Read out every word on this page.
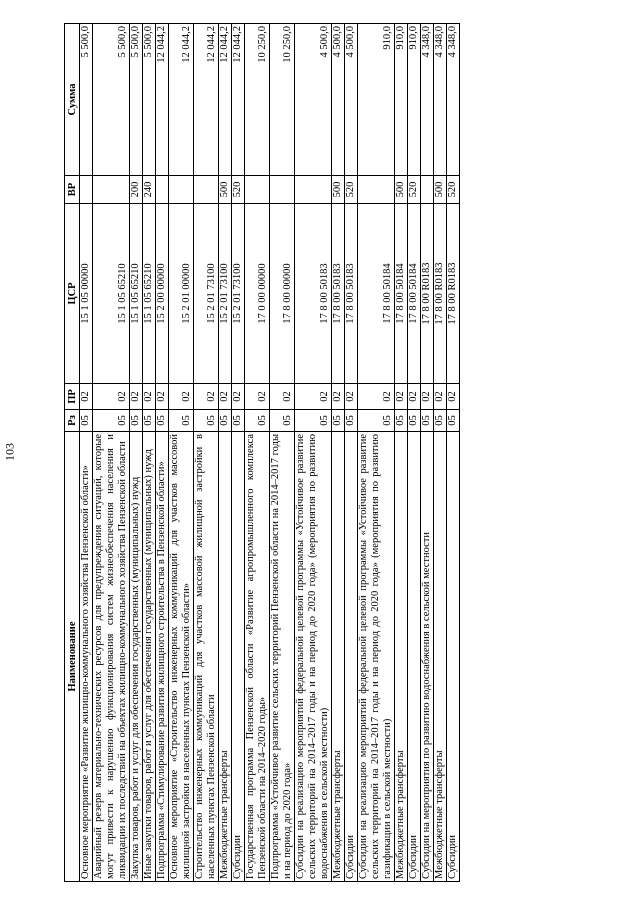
103
Наименование	Рз	ПР	ЦСР	ВР	Сумма
Основное мероприятие «Развитие жилищно-коммунального хозяйства Пензенской области»	05	02	15 1 05 00000		5 500,0
Аварийный резерв материально-технических ресурсов для предупреждения ситуаций, которые могут привести к нарушению функционирования систем жизнеобеспечения населения и ликвидации их последствий на объектах жилищно-коммунального хозяйства Пензенской области	05	02	15 1 05 65210		5 500,0
Закупка товаров, работ и услуг для обеспечения государственных (муниципальных) нужд	05	02	15 1 05 65210	200	5 500,0
Иные закупки товаров, работ и услуг для обеспечения государственных (муниципальных) нужд	05	02	15 1 05 65210	240	5 500,0
Подпрограмма «Стимулирование развития жилищного строительства в Пензенской области»	05	02	15 2 00 00000		12 044,2
Основное мероприятие «Строительство инженерных коммуникаций для участков массовой жилищной застройки в населенных пунктах Пензенской области»	05	02	15 2 01 00000		12 044,2
Строительство инженерных коммуникаций для участков массовой жилищной застройки в населенных пунктах Пензенской области	05	02	15 2 01 73100		12 044,2
Межбюджетные трансферты	05	02	15 2 01 73100	500	12 044,2
Субсидии	05	02	15 2 01 73100	520	12 044,2
Государственная программа Пензенской области «Развитие агропромышленного комплекса Пензенской области на 2014–2020 годы»	05	02	17 0 00 00000		10 250,0
Подпрограмма «Устойчивое развитие сельских территорий Пензенской области на 2014–2017 годы и на период до 2020 года»	05	02	17 8 00 00000		10 250,0
Субсидии на реализацию мероприятий федеральной целевой программы «Устойчивое развитие сельских территорий на 2014–2017 годы и на период до 2020 года» (мероприятия по развитию водоснабжения в сельской местности)	05	02	17 8 00 50183		4 500,0
Межбюджетные трансферты	05	02	17 8 00 50183	500	4 500,0
Субсидии	05	02	17 8 00 50183	520	4 500,0
Субсидии на реализацию мероприятий федеральной целевой программы «Устойчивое развитие сельских территорий на 2014–2017 годы и на период до 2020 года» (мероприятия по развитию газификации в сельской местности)	05	02	17 8 00 50184		910,0
Межбюджетные трансферты	05	02	17 8 00 50184	500	910,0
Субсидии	05	02	17 8 00 50184	520	910,0
Субсидии на мероприятия по развитию водоснабжения в сельской местности	05	02	17 8 00 R0183		4 348,0
Межбюджетные трансферты	05	02	17 8 00 R0183	500	4 348,0
Субсидии	05	02	17 8 00 R0183	520	4 348,0
